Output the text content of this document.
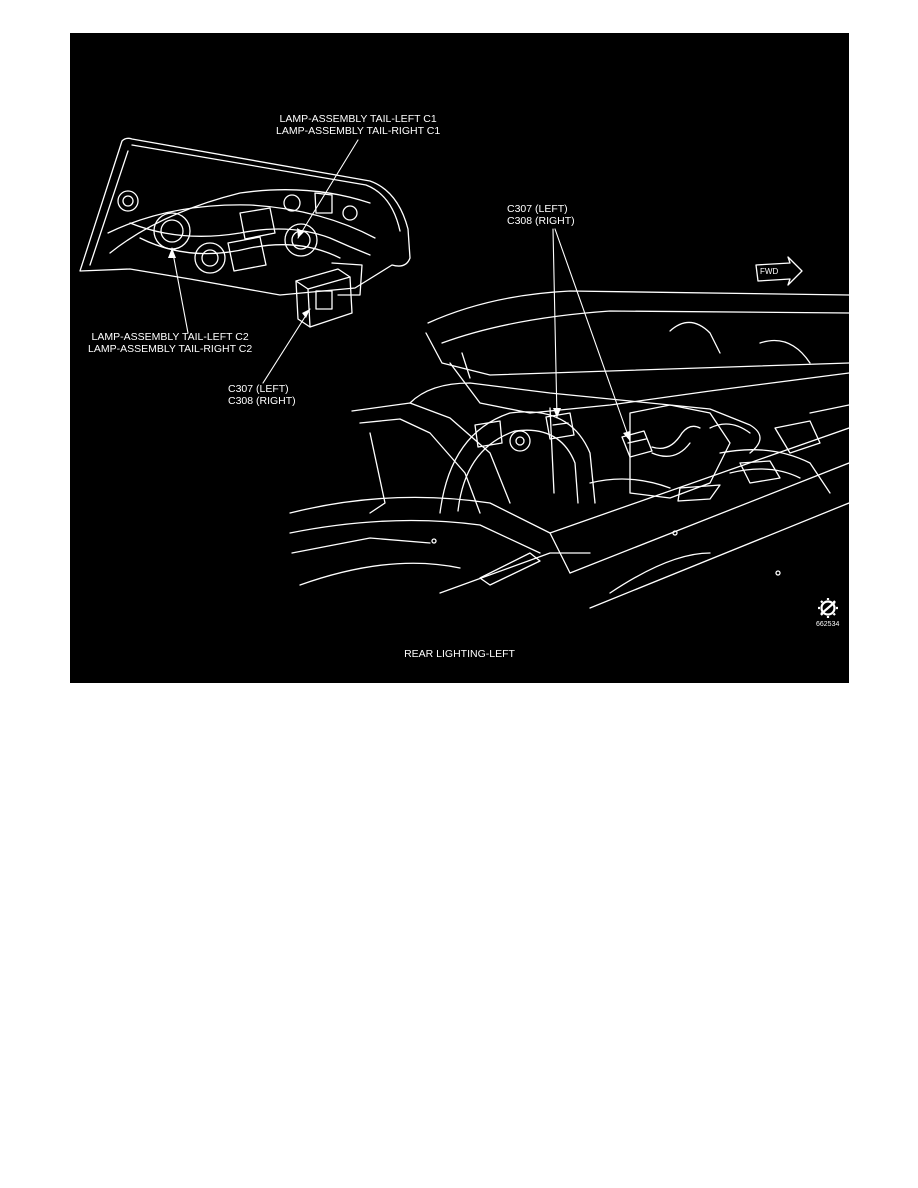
FWD
LAMP-ASSEMBLY TAIL-LEFT C1
LAMP-ASSEMBLY TAIL-RIGHT C1
C307 (LEFT)
C308 (RIGHT)
LAMP-ASSEMBLY TAIL-LEFT C2
LAMP-ASSEMBLY TAIL-RIGHT C2
C307 (LEFT)
C308 (RIGHT)
662534
REAR LIGHTING-LEFT
